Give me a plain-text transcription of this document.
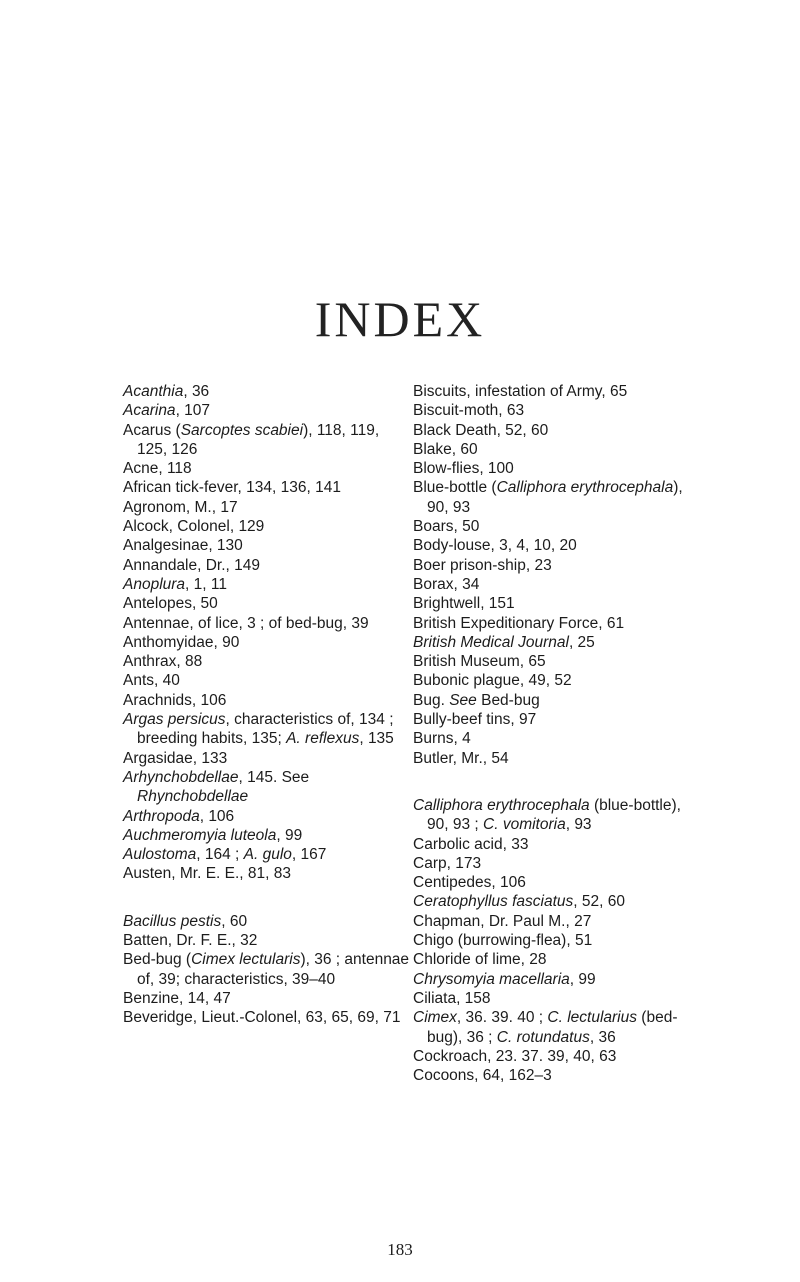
INDEX

Acanthia, 36

Acarina, 107

Acarus (Sarcoptes scabiei), 118, 119, 125, 126

Acne, 118

African tick-fever, 134, 136, 141

Agronom, M., 17

Alcock, Colonel, 129

Analgesinae, 130

Annandale, Dr., 149

Anoplura, 1, 11

Antelopes, 50

Antennae, of lice, 3 ; of bed-bug, 39

Anthomyidae, 90

Anthrax, 88

Ants, 40

Arachnids, 106

Argas persicus, characteristics of, 134 ; breeding habits, 135; A. reflexus, 135

Argasidae, 133

Arhynchobdellae, 145. See Rhynchobdellae

Arthropoda, 106

Auchmeromyia luteola, 99

Aulostoma, 164 ; A. gulo, 167

Austen, Mr. E. E., 81, 83

Bacillus pestis, 60

Batten, Dr. F. E., 32

Bed-bug (Cimex lectularis), 36 ; antennae of, 39; characteristics, 39–40

Benzine, 14, 47

Beveridge, Lieut.-Colonel, 63, 65, 69, 71

Biscuits, infestation of Army, 65

Biscuit-moth, 63

Black Death, 52, 60

Blake, 60

Blow-flies, 100

Blue-bottle (Calliphora erythrocephala), 90, 93

Boars, 50

Body-louse, 3, 4, 10, 20

Boer prison-ship, 23

Borax, 34

Brightwell, 151

British Expeditionary Force, 61

British Medical Journal, 25

British Museum, 65

Bubonic plague, 49, 52

Bug. See Bed-bug

Bully-beef tins, 97

Burns, 4

Butler, Mr., 54

Calliphora erythrocephala (blue-bottle), 90, 93 ; C. vomitoria, 93

Carbolic acid, 33

Carp, 173

Centipedes, 106

Ceratophyllus fasciatus, 52, 60

Chapman, Dr. Paul M., 27

Chigo (burrowing-flea), 51

Chloride of lime, 28

Chrysomyia macellaria, 99

Ciliata, 158

Cimex, 36. 39. 40 ; C. lectularius (bed-bug), 36 ; C. rotundatus, 36

Cockroach, 23. 37. 39, 40, 63

Cocoons, 64, 162–3

183
